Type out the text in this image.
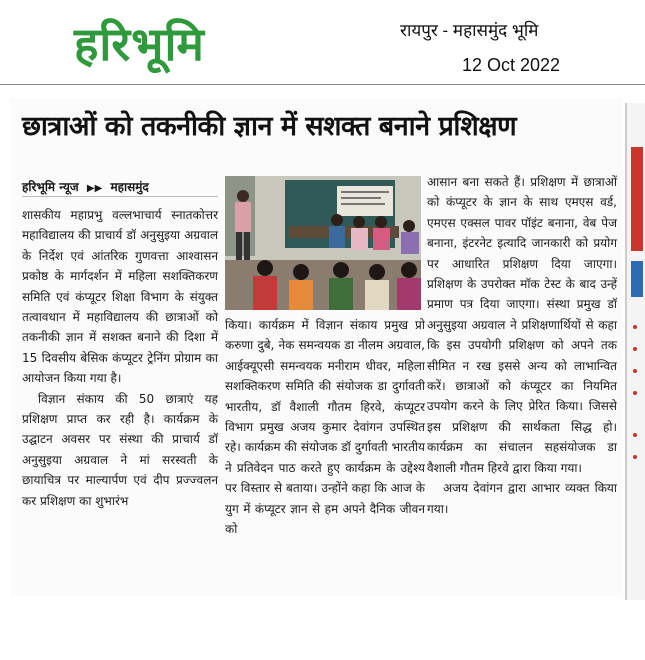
हरिभूमि	रायपुर - महासमुंद भूमि
12 Oct 2022
छात्राओं को तकनीकी ज्ञान में सशक्त बनाने प्रशिक्षण
हरिभूमि न्यूज ▶▶ महासमुंद

शासकीय महाप्रभु वल्लभाचार्य स्नातकोत्तर महाविद्यालय की प्राचार्य डॉ अनुसुइया अग्रवाल के निर्देश एवं आंतरिक गुणवत्ता आश्वासन प्रकोष्ठ के मार्गदर्शन में महिला सशक्तिकरण समिति एवं कंप्यूटर शिक्षा विभाग के संयुक्त तत्वावधान में महाविद्यालय की छात्राओं को तकनीकी ज्ञान में सशक्त बनाने की दिशा में 15 दिवसीय बेसिक कंप्यूटर ट्रेनिंग प्रोग्राम का आयोजन किया गया है।

विज्ञान संकाय की 50 छात्राएं यह प्रशिक्षण प्राप्त कर रही है। कार्यक्रम के उद्घाटन अवसर पर संस्था की प्राचार्य डॉ अनुसुइया अग्रवाल ने मां सरस्वती के छायाचित्र पर माल्यार्पण एवं दीप प्रज्ज्वलन कर प्रशिक्षण का शुभारंभ

किया। कार्यक्रम में विज्ञान संकाय प्रमुख प्रो करुणा दुबे, नेक समन्वयक डा नीलम अग्रवाल, आईक्यूएसी समन्वयक मनीराम धीवर, महिला सशक्तिकरण समिति की संयोजक डा दुर्गावती भारतीय, डॉ वैशाली गौतम हिरवे, कंप्यूटर विभाग प्रमुख अजय कुमार देवांगन उपस्थित रहे। कार्यक्रम की संयोजक डॉ दुर्गावती भारतीय ने प्रतिवेदन पाठ करते हुए कार्यक्रम के उद्देश्य पर विस्तार से बताया। उन्होंने कहा कि आज के युग में कंप्यूटर ज्ञान से हम अपने दैनिक जीवन को

आसान बना सकते हैं। प्रशिक्षण में छात्राओं को कंप्यूटर के ज्ञान के साथ एमएस वर्ड, एमएस एक्सल पावर पॉइंट बनाना, वेब पेज बनाना, इंटरनेट इत्यादि जानकारी को प्रयोग पर आधारित प्रशिक्षण दिया जाएगा। प्रशिक्षण के उपरोक्त मॉक टेस्ट के बाद उन्हें प्रमाण पत्र दिया जाएगा। संस्था प्रमुख डॉ अनुसुइया अग्रवाल ने प्रशिक्षणार्थियों से कहा कि इस उपयोगी प्रशिक्षण को अपने तक सीमित न रख इससे अन्य को लाभान्वित करें। छात्राओं को कंप्यूटर का नियमित उपयोग करने के लिए प्रेरित किया। जिससे इस प्रशिक्षण की सार्थकता सिद्ध हो। कार्यक्रम का संचालन सहसंयोजक डा वैशाली गौतम हिरवे द्वारा किया गया।

अजय देवांगन द्वारा आभार व्यक्त किया गया।
